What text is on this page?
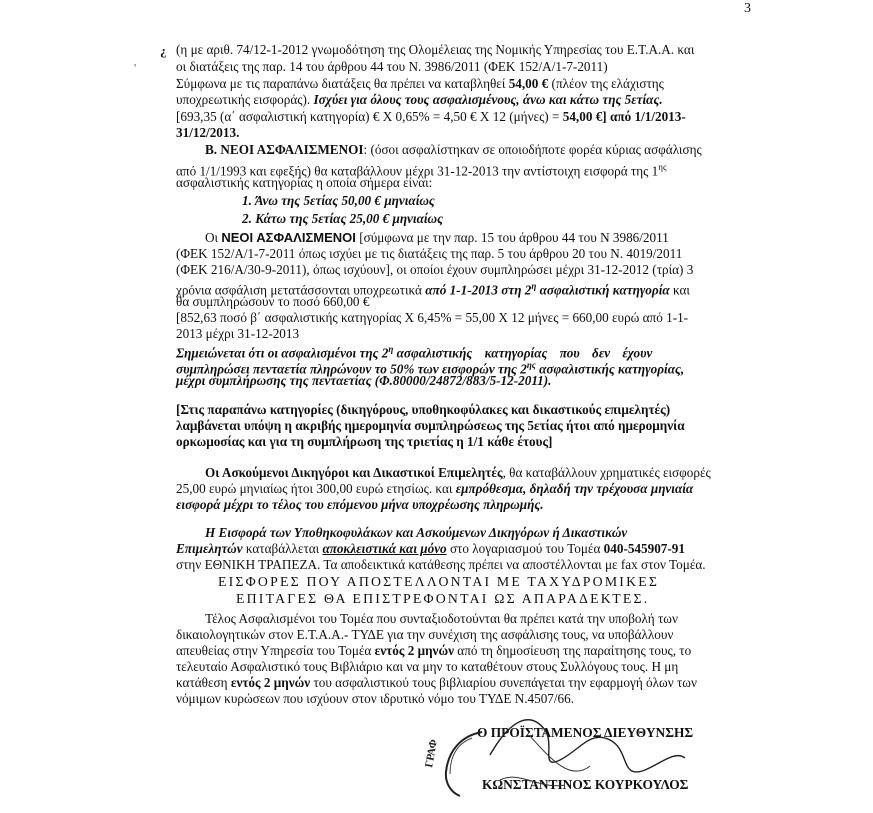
3
¿
ʿ
(η με αριθ. 74/12-1-2012 γνωμοδότηση της Ολομέλειας της Νομικής Υπηρεσίας του Ε.Τ.Α.Α. και
οι διατάξεις της παρ. 14 του άρθρου 44 του Ν. 3986/2011 (ΦΕΚ 152/Α/1-7-2011)
Σύμφωνα με τις παραπάνω διατάξεις θα πρέπει να καταβληθεί 54,00 € (πλέον της ελάχιστης
υποχρεωτικής εισφοράς). Ισχύει για όλους τους ασφαλισμένους, άνω και κάτω της 5ετίας.
[693,35 (α΄ ασφαλιστική κατηγορία) € Χ 0,65% = 4,50 € Χ 12 (μήνες) = 54,00 €] από 1/1/2013-
31/12/2013.
Β. ΝΕΟΙ ΑΣΦΑΛΙΣΜΕΝΟΙ: (όσοι ασφαλίστηκαν σε οποιοδήποτε φορέα κύριας ασφάλισης
από 1/1/1993 και εφεξής) θα καταβάλλουν μέχρι 31-12-2013 την αντίστοιχη εισφορά της $1^{\eta\varsigma}$
ασφαλιστικής κατηγορίας η οποία σήμερα είναι:
1. Άνω της 5ετίας 50,00 € μηνιαίως
2. Κάτω της 5ετίας 25,00 € μηνιαίως
Οι ΝΕΟΙ ΑΣΦΑΛΙΣΜΕΝΟΙ [σύμφωνα με την παρ. 15 του άρθρου 44 του Ν 3986/2011
(ΦΕΚ 152/Α/1-7-2011 όπως ισχύει με τις διατάξεις της παρ. 5 του άρθρου 20 του Ν. 4019/2011
(ΦΕΚ 216/Α/30-9-2011), όπως ισχύουν], οι οποίοι έχουν συμπληρώσει μέχρι 31-12-2012 (τρία) 3
χρόνια ασφάλιση μετατάσσονται υποχρεωτικά από 1-1-2013 στη $2^\eta$ ασφαλιστική κατηγορία και
θα συμπληρώσουν το ποσό 660,00 €
[852,63 ποσό β΄ ασφαλιστικής κατηγορίας Χ 6,45% = 55,00 Χ 12 μήνες = 660,00 ευρώ από 1-1-
2013 μέχρι 31-12-2013
Σημειώνεται ότι οι ασφαλισμένοι της $2^\eta$ ασφαλιστικής κατηγορίας που δεν έχουν
συμπληρώσει πενταετία πληρώνουν το 50% των εισφορών της $2^{\eta\varsigma}$ ασφαλιστικής κατηγορίας,
μέχρι συμπλήρωσης της πενταετίας (Φ.80000/24872/883/5-12-2011).
[Στις παραπάνω κατηγορίες (δικηγόρους, υποθηκοφύλακες και δικαστικούς επιμελητές)
λαμβάνεται υπόψη η ακριβής ημερομηνία συμπληρώσεως της 5ετίας ήτοι από ημερομηνία
ορκωμοσίας και για τη συμπλήρωση της τριετίας η 1/1 κάθε έτους]
Οι Ασκούμενοι Δικηγόροι και Δικαστικοί Επιμελητές, θα καταβάλλουν χρηματικές εισφορές
25,00 ευρώ μηνιαίως ήτοι 300,00 ευρώ ετησίως. και εμπρόθεσμα, δηλαδή την τρέχουσα μηνιαία
εισφορά μέχρι το τέλος του επόμενου μήνα υποχρέωσης πληρωμής.
Η Εισφορά των Υποθηκοφυλάκων και Ασκούμενων Δικηγόρων ή Δικαστικών
Επιμελητών καταβάλλεται αποκλειστικά και μόνο στο λογαριασμού του Τομέα 040-545907-91
στην ΕΘΝΙΚΗ ΤΡΑΠΕΖΑ. Τα αποδεικτικά κατάθεσης πρέπει να αποστέλλονται με fax στον Τομέα.
ΕΙΣΦΟΡΕΣ ΠΟΥ ΑΠΟΣΤΕΛΛΟΝΤΑΙ ΜΕ ΤΑΧΥΔΡΟΜΙΚΕΣ
ΕΠΙΤΑΓΕΣ ΘΑ ΕΠΙΣΤΡΕΦΟΝΤΑΙ ΩΣ ΑΠΑΡΑΔΕΚΤΕΣ.
Τέλος Ασφαλισμένοι του Τομέα που συνταξιοδοτούνται θα πρέπει κατά την υποβολή των
δικαιολογητικών στον Ε.Τ.Α.Α.- ΤΥΔΕ για την συνέχιση της ασφάλισης τους, να υποβάλλουν
απευθείας στην Υπηρεσία του Τομέα εντός 2 μηνών από τη δημοσίευση της παραίτησης τους, το
τελευταίο Ασφαλιστικό τους Βιβλιάριο και να μην το καταθέτουν στους Συλλόγους τους. Η μη
κατάθεση εντός 2 μηνών του ασφαλιστικού τους βιβλιαρίου συνεπάγεται την εφαρμογή όλων των
νόμιμων κυρώσεων που ισχύουν στον ιδρυτικό νόμο του ΤΥΔΕ Ν.4507/66.
Ο ΠΡΟΪΣΤΑΜΕΝΟΣ ΔΙΕΥΘΥΝΣΗΣ
ΚΩΝΣΤΑΝΤΙΝΟΣ ΚΟΥΡΚΟΥΛΟΣ
ΓΡΑΦ
